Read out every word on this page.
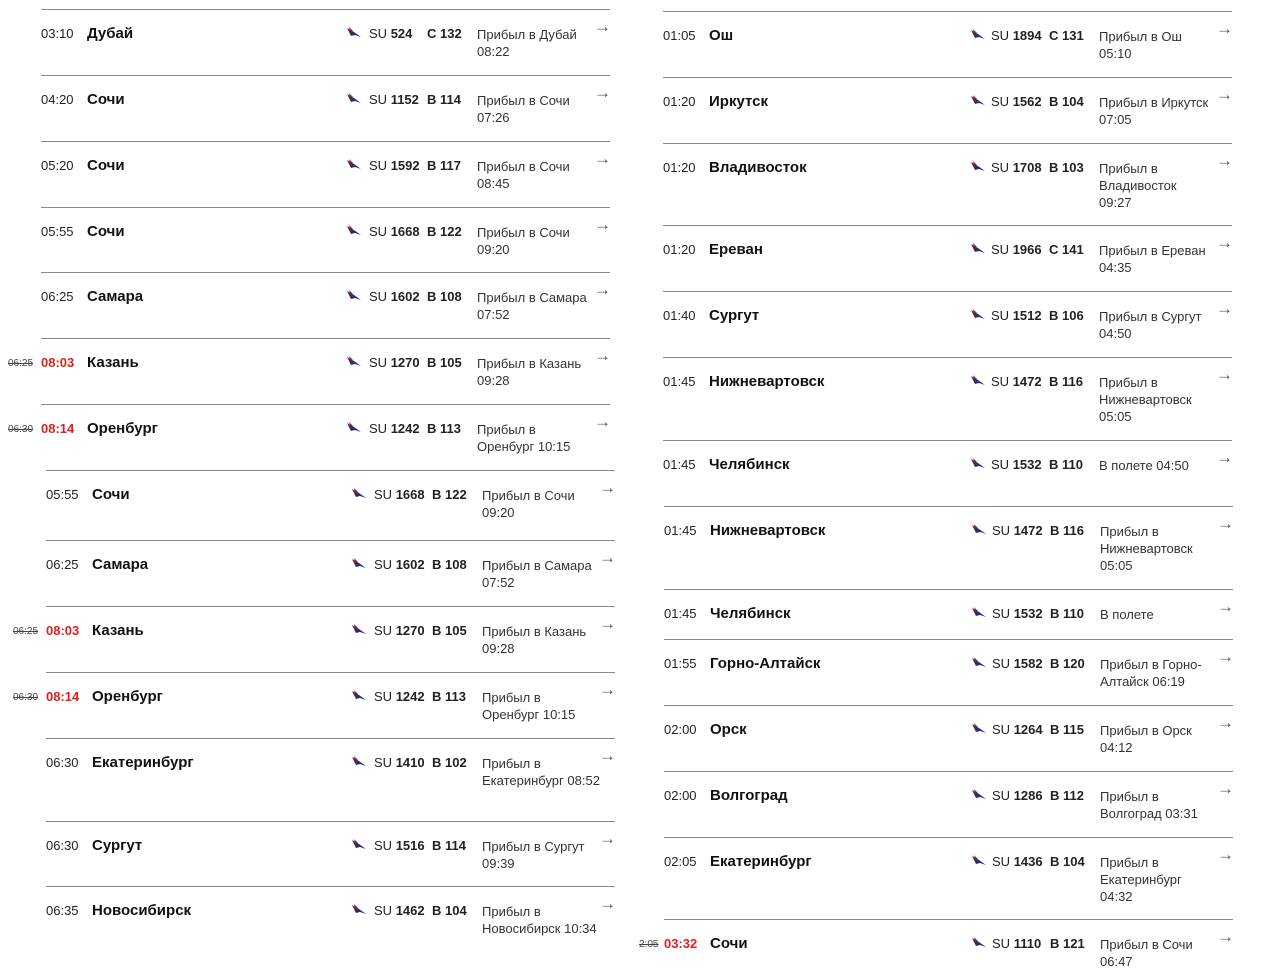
03:10 Дубай	SU 524 C 132 Прибыл в Дубай 08:22
→
04:20 Сочи	SU 1152 B 114 Прибыл в Сочи 07:26
→
05:20 Сочи	SU 1592 B 117 Прибыл в Сочи 08:45
→
05:55 Сочи	SU 1668 B 122 Прибыл в Сочи 09:20
→
06:25 Самара	SU 1602 B 108 Прибыл в Самара 07:52
→
06:25 08:03 Казань	SU 1270 B 105 Прибыл в Казань 09:28
→
06:30 08:14 Оренбург	SU 1242 B 113 Прибыл в Оренбург 10:15
→
05:55 Сочи	SU 1668 B 122 Прибыл в Сочи 09:20
→
06:25 Самара	SU 1602 B 108 Прибыл в Самара 07:52
→
06:25 08:03 Казань	SU 1270 B 105 Прибыл в Казань 09:28
→
06:30 08:14 Оренбург	SU 1242 B 113 Прибыл в Оренбург 10:15
→
06:30 Екатеринбург	SU 1410 B 102 Прибыл в Екатеринбург 08:52
→
06:30 Сургут	SU 1516 B 114 Прибыл в Сургут 09:39
→
06:35 Новосибирск	SU 1462 B 104 Прибыл в Новосибирск 10:34
→
01:05 Ош	SU 1894 C 131 Прибыл в Ош 05:10
→
01:20 Иркутск	SU 1562 B 104 Прибыл в Иркутск 07:05
→
01:20 Владивосток	SU 1708 B 103 Прибыл в Владивосток 09:27
→
01:20 Ереван	SU 1966 C 141 Прибыл в Ереван 04:35
→
01:40 Сургут	SU 1512 B 106 Прибыл в Сургут 04:50
→
01:45 Нижневартовск	SU 1472 B 116 Прибыл в Нижневартовск 05:05
→
01:45 Челябинск	SU 1532 B 110 В полете 04:50	→
01:45 Нижневартовск	SU 1472 B 116 Прибыл в Нижневартовск 05:05
→
01:45 Челябинск	SU 1532 B 110 В полете	→
01:55 Горно-Алтайск	SU 1582 B 120 Прибыл в Горно-Алтайск 06:19
→
02:00 Орск	SU 1264 B 115 Прибыл в Орск 04:12
→
02:00 Волгоград	SU 1286 B 112 Прибыл в Волгоград 03:31
→
02:05 Екатеринбург	SU 1436 B 104 Прибыл в Екатеринбург 04:32
→
2:05 03:32 Сочи	SU 1110 B 121 Прибыл в Сочи 06:47
→
